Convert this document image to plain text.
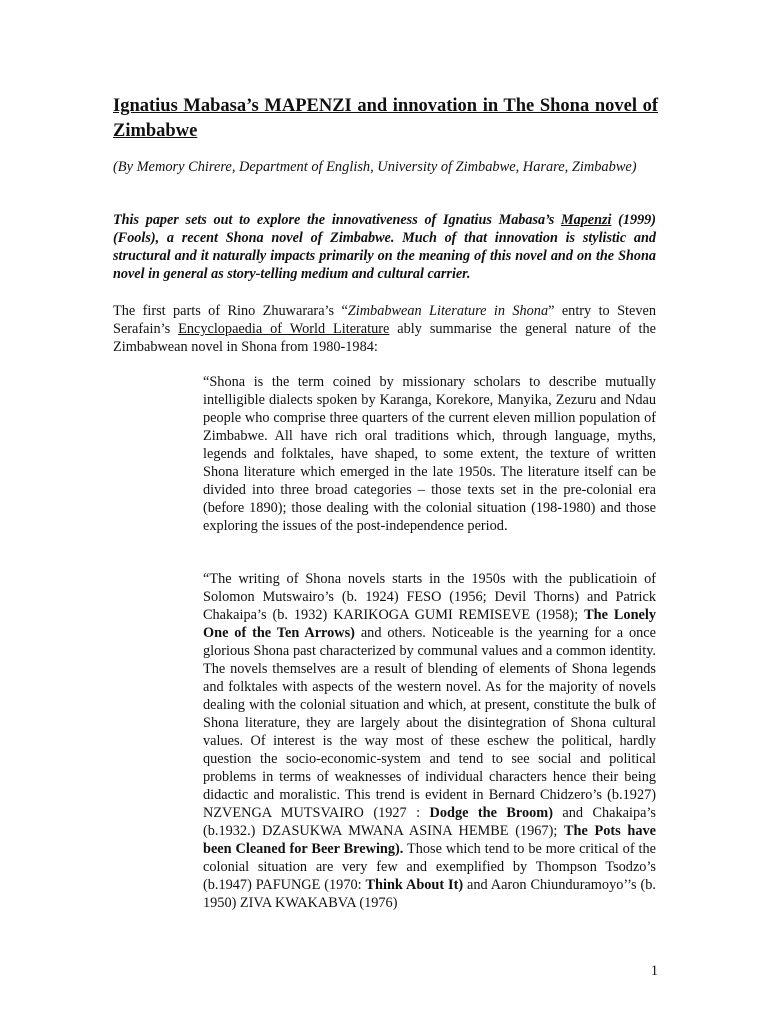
Ignatius Mabasa’s MAPENZI and innovation in The Shona novel of Zimbabwe

(By Memory Chirere, Department of English, University of Zimbabwe, Harare, Zimbabwe)

This paper sets out to explore the innovativeness of Ignatius Mabasa’s Mapenzi (1999) (Fools), a recent Shona novel of Zimbabwe. Much of that innovation is stylistic and structural and it naturally impacts primarily on the meaning of this novel and on the Shona novel in general as story-telling medium and cultural carrier.

The first parts of Rino Zhuwarara’s “Zimbabwean Literature in Shona” entry to Steven Serafain’s Encyclopaedia of World Literature ably summarise the general nature of the Zimbabwean novel in Shona from 1980-1984:

“Shona is the term coined by missionary scholars to describe mutually intelligible dialects spoken by Karanga, Korekore, Manyika, Zezuru and Ndau people who comprise three quarters of the current eleven million population of Zimbabwe. All have rich oral traditions which, through language, myths, legends and folktales, have shaped, to some extent, the texture of written Shona literature which emerged in the late 1950s. The literature itself can be divided into three broad categories – those texts set in the pre-colonial era (before 1890); those dealing with the colonial situation (198-1980) and those exploring the issues of the post-independence period.

“The writing of Shona novels starts in the 1950s with the publicatioin of Solomon Mutswairo’s (b. 1924) FESO (1956; Devil Thorns) and Patrick Chakaipa’s (b. 1932) KARIKOGA GUMI REMISEVE (1958); The Lonely One of the Ten Arrows) and others. Noticeable is the yearning for a once glorious Shona past characterized by communal values and a common identity. The novels themselves are a result of blending of elements of Shona legends and folktales with aspects of the western novel. As for the majority of novels dealing with the colonial situation and which, at present, constitute the bulk of Shona literature, they are largely about the disintegration of Shona cultural values. Of interest is the way most of these eschew the political, hardly question the socio-economic-system and tend to see social and political problems in terms of weaknesses of individual characters hence their being didactic and moralistic. This trend is evident in Bernard Chidzero’s (b.1927) NZVENGA MUTSVAIRO (1927 : Dodge the Broom) and Chakaipa’s (b.1932.) DZASUKWA MWANA ASINA HEMBE (1967); The Pots have been Cleaned for Beer Brewing). Those which tend to be more critical of the colonial situation are very few and exemplified by Thompson Tsodzo’s (b.1947) PAFUNGE (1970: Think About It) and Aaron Chiunduramoyo’’s (b. 1950) ZIVA KWAKABVA (1976)

1
